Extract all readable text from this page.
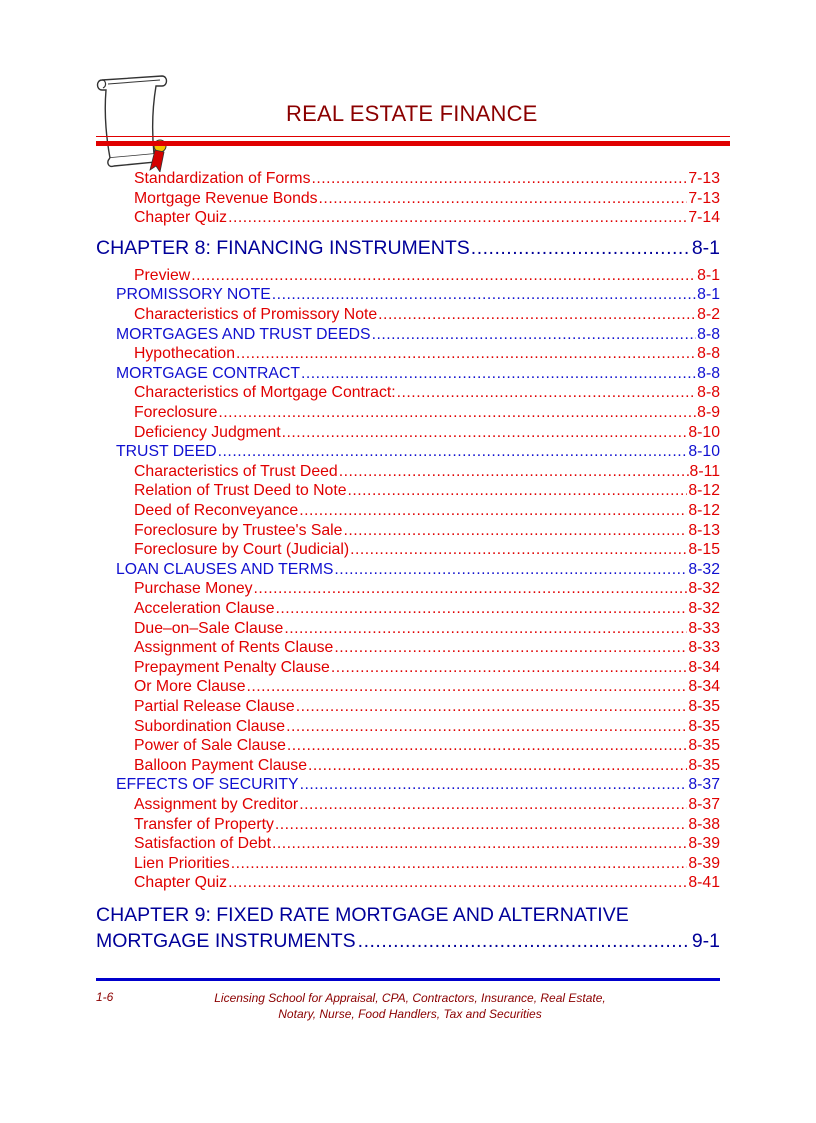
REAL ESTATE FINANCE
Standardization of Forms .....	7-13
Mortgage Revenue Bonds .....	7-13
Chapter Quiz .....	7-14
CHAPTER 8: FINANCING INSTRUMENTS .....	8-1
Preview .....	8-1
PROMISSORY NOTE .....	8-1
Characteristics of Promissory Note .....	8-2
MORTGAGES AND TRUST DEEDS .....	8-8
Hypothecation .....	8-8
MORTGAGE CONTRACT .....	8-8
Characteristics of Mortgage Contract: .....	8-8
Foreclosure .....	8-9
Deficiency Judgment .....	8-10
TRUST DEED .....	8-10
Characteristics of Trust Deed .....	8-11
Relation of Trust Deed to Note .....	8-12
Deed of Reconveyance .....	8-12
Foreclosure by Trustee's Sale .....	8-13
Foreclosure by Court (Judicial) .....	8-15
LOAN CLAUSES AND TERMS .....	8-32
Purchase Money .....	8-32
Acceleration Clause .....	8-32
Due–on–Sale Clause .....	8-33
Assignment of Rents Clause .....	8-33
Prepayment Penalty Clause .....	8-34
Or More Clause .....	8-34
Partial Release Clause .....	8-35
Subordination Clause .....	8-35
Power of Sale Clause .....	8-35
Balloon Payment Clause .....	8-35
EFFECTS OF SECURITY .....	8-37
Assignment by Creditor .....	8-37
Transfer of Property .....	8-38
Satisfaction of Debt .....	8-39
Lien Priorities .....	8-39
Chapter Quiz .....	8-41
CHAPTER 9: FIXED RATE MORTGAGE AND ALTERNATIVE
MORTGAGE INSTRUMENTS .....	9-1
1-6	Licensing School for Appraisal, CPA, Contractors, Insurance, Real Estate,
Notary, Nurse, Food Handlers, Tax and Securities
